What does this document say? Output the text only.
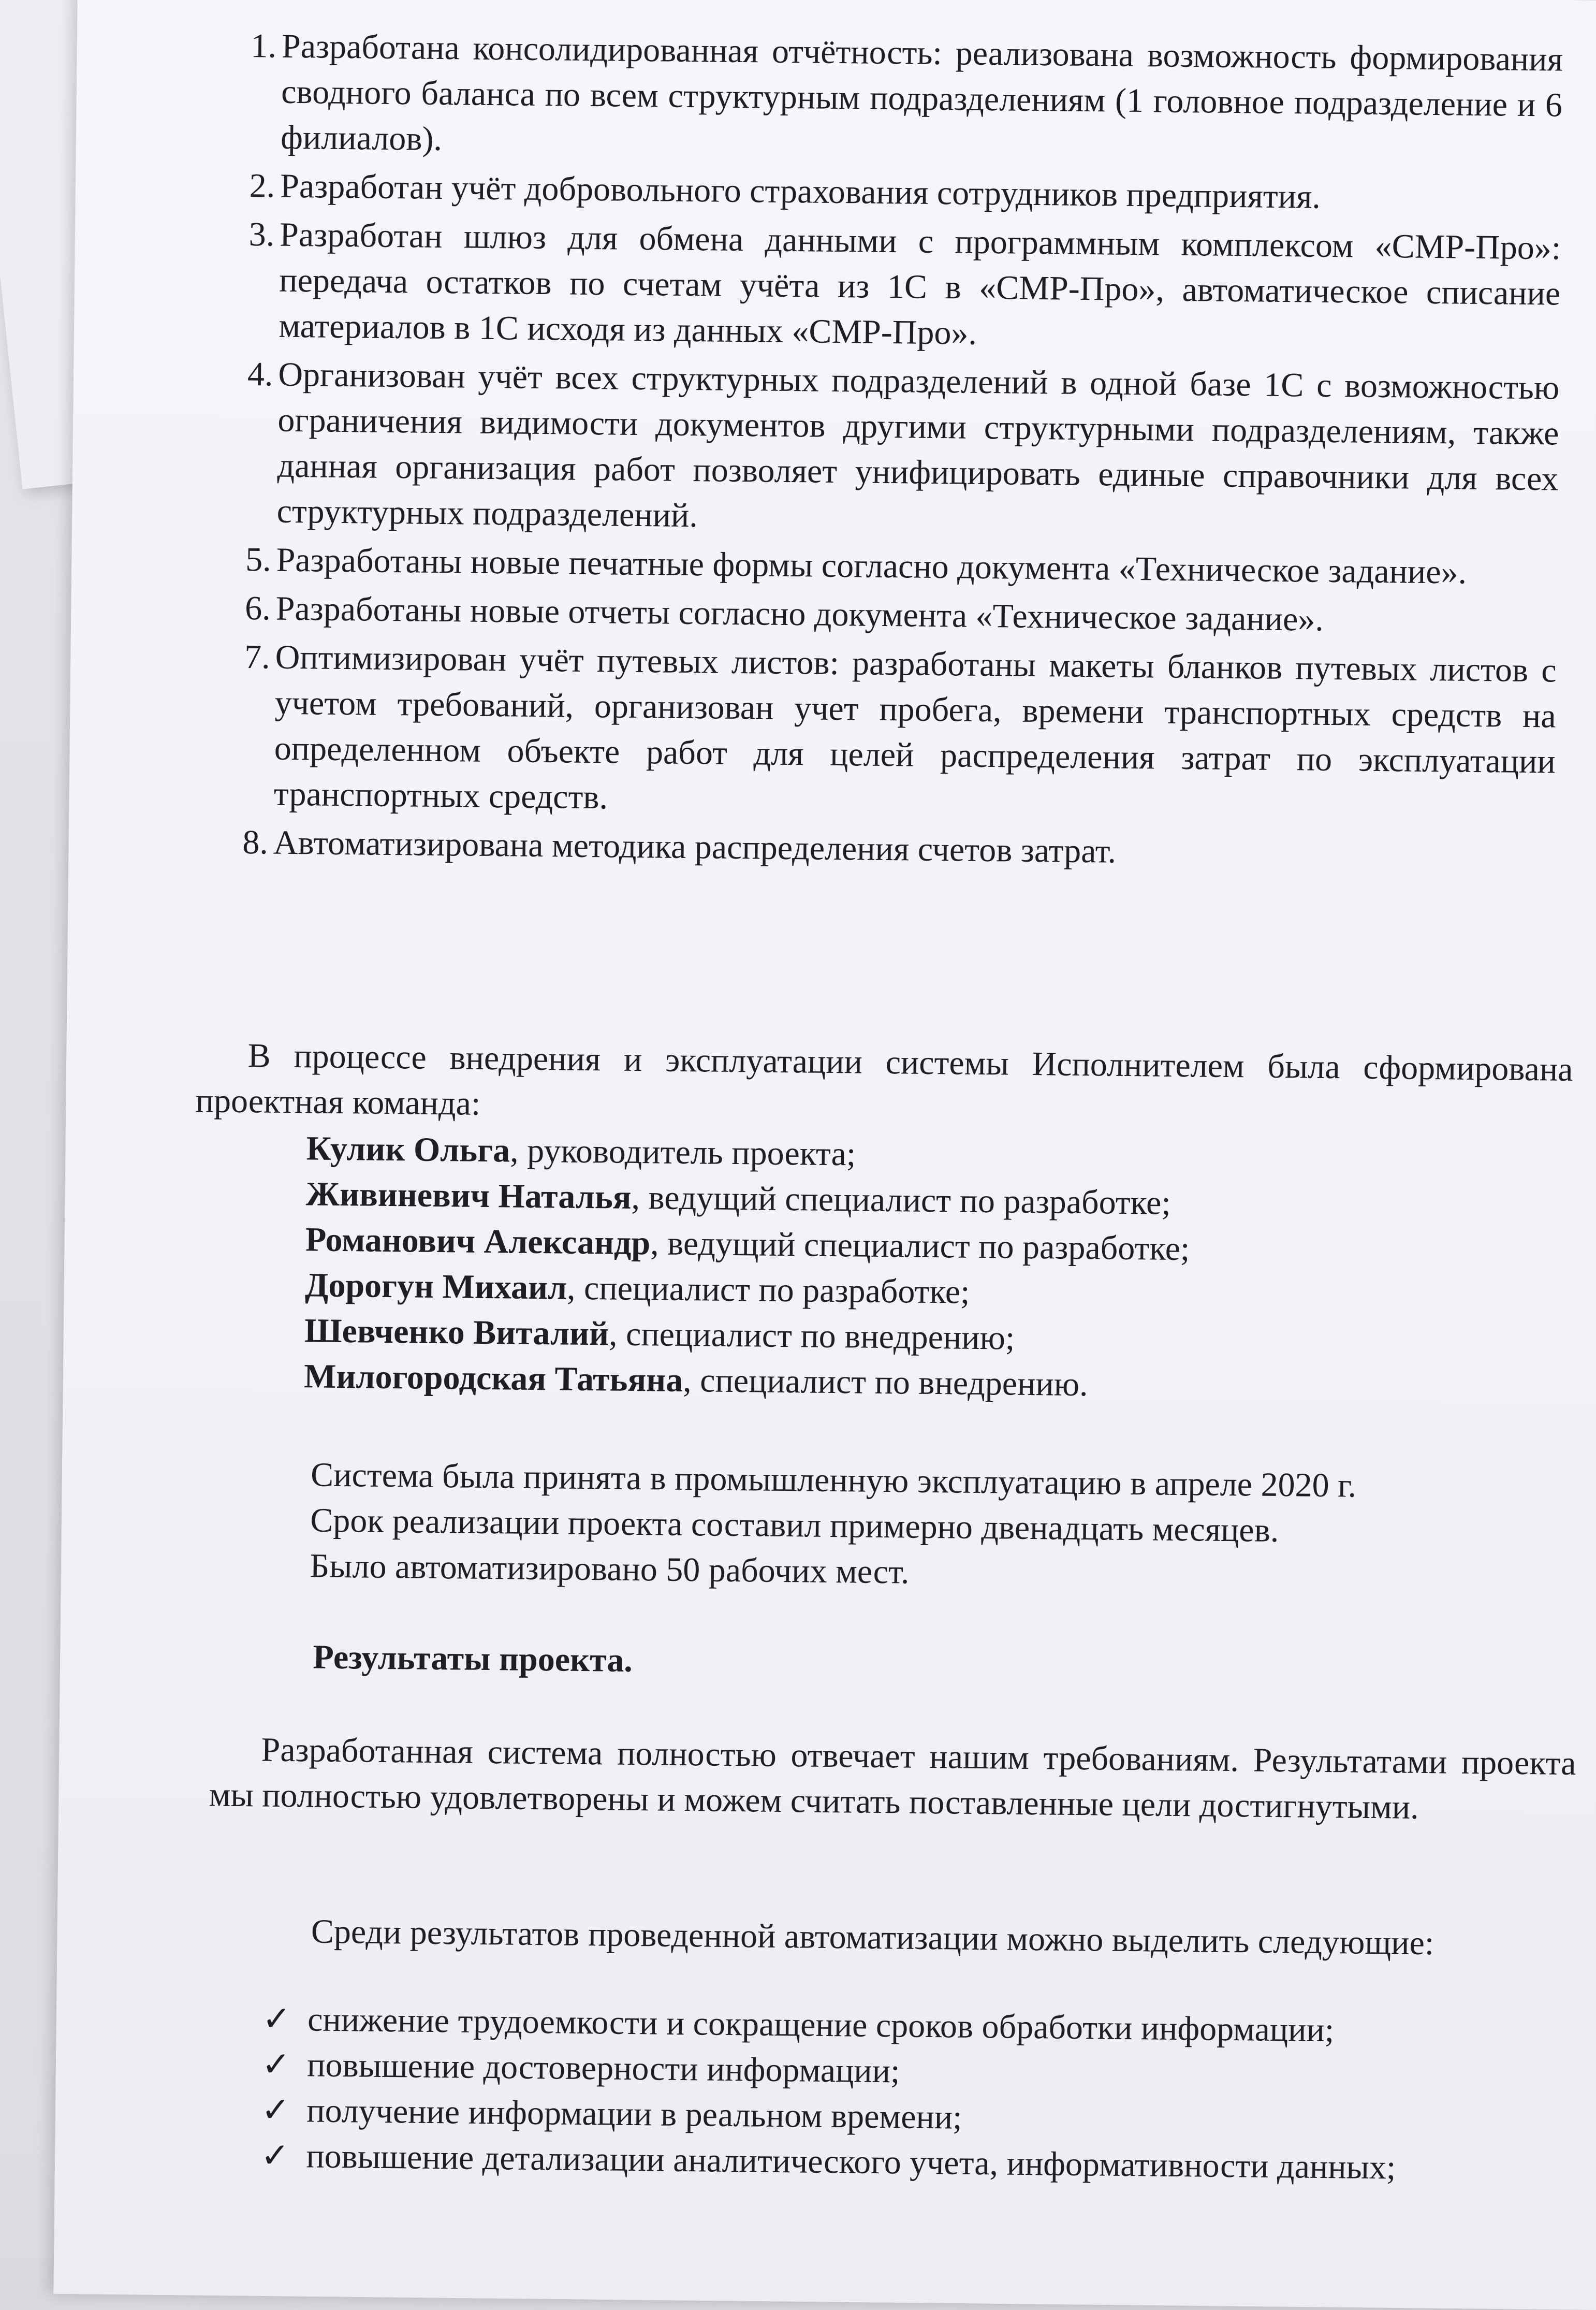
1. Разработана консолидированная отчётность: реализована возможность формирования сводного баланса по всем структурным подразделениям (1 головное подразделение и 6 филиалов).
2. Разработан учёт добровольного страхования сотрудников предприятия.
3. Разработан шлюз для обмена данными с программным комплексом «СМР-Про»: передача остатков по счетам учёта из 1С в «СМР-Про», автоматическое списание материалов в 1С исходя из данных «СМР-Про».
4. Организован учёт всех структурных подразделений в одной базе 1С с возможностью ограничения видимости документов другими структурными подразделениям, также данная организация работ позволяет унифицировать единые справочники для всех структурных подразделений.
5. Разработаны новые печатные формы согласно документа «Техническое задание».
6. Разработаны новые отчеты согласно документа «Техническое задание».
7. Оптимизирован учёт путевых листов: разработаны макеты бланков путевых листов с учетом требований, организован учет пробега, времени транспортных средств на определенном объекте работ для целей распределения затрат по эксплуатации транспортных средств.
8. Автоматизирована методика распределения счетов затрат.
В процессе внедрения и эксплуатации системы Исполнителем была сформирована проектная команда:
Кулик Ольга, руководитель проекта;
Живиневич Наталья, ведущий специалист по разработке;
Романович Александр, ведущий специалист по разработке;
Дорогун Михаил, специалист по разработке;
Шевченко Виталий, специалист по внедрению;
Милогородская Татьяна, специалист по внедрению.
Система была принята в промышленную эксплуатацию в апреле 2020 г.
Срок реализации проекта составил примерно двенадцать месяцев.
Было автоматизировано 50 рабочих мест.
Результаты проекта.
Разработанная система полностью отвечает нашим требованиям. Результатами проекта мы полностью удовлетворены и можем считать поставленные цели достигнутыми.
Среди результатов проведенной автоматизации можно выделить следующие:
✓ снижение трудоемкости и сокращение сроков обработки информации;
✓ повышение достоверности информации;
✓ получение информации в реальном времени;
✓ повышение детализации аналитического учета, информативности данных;
